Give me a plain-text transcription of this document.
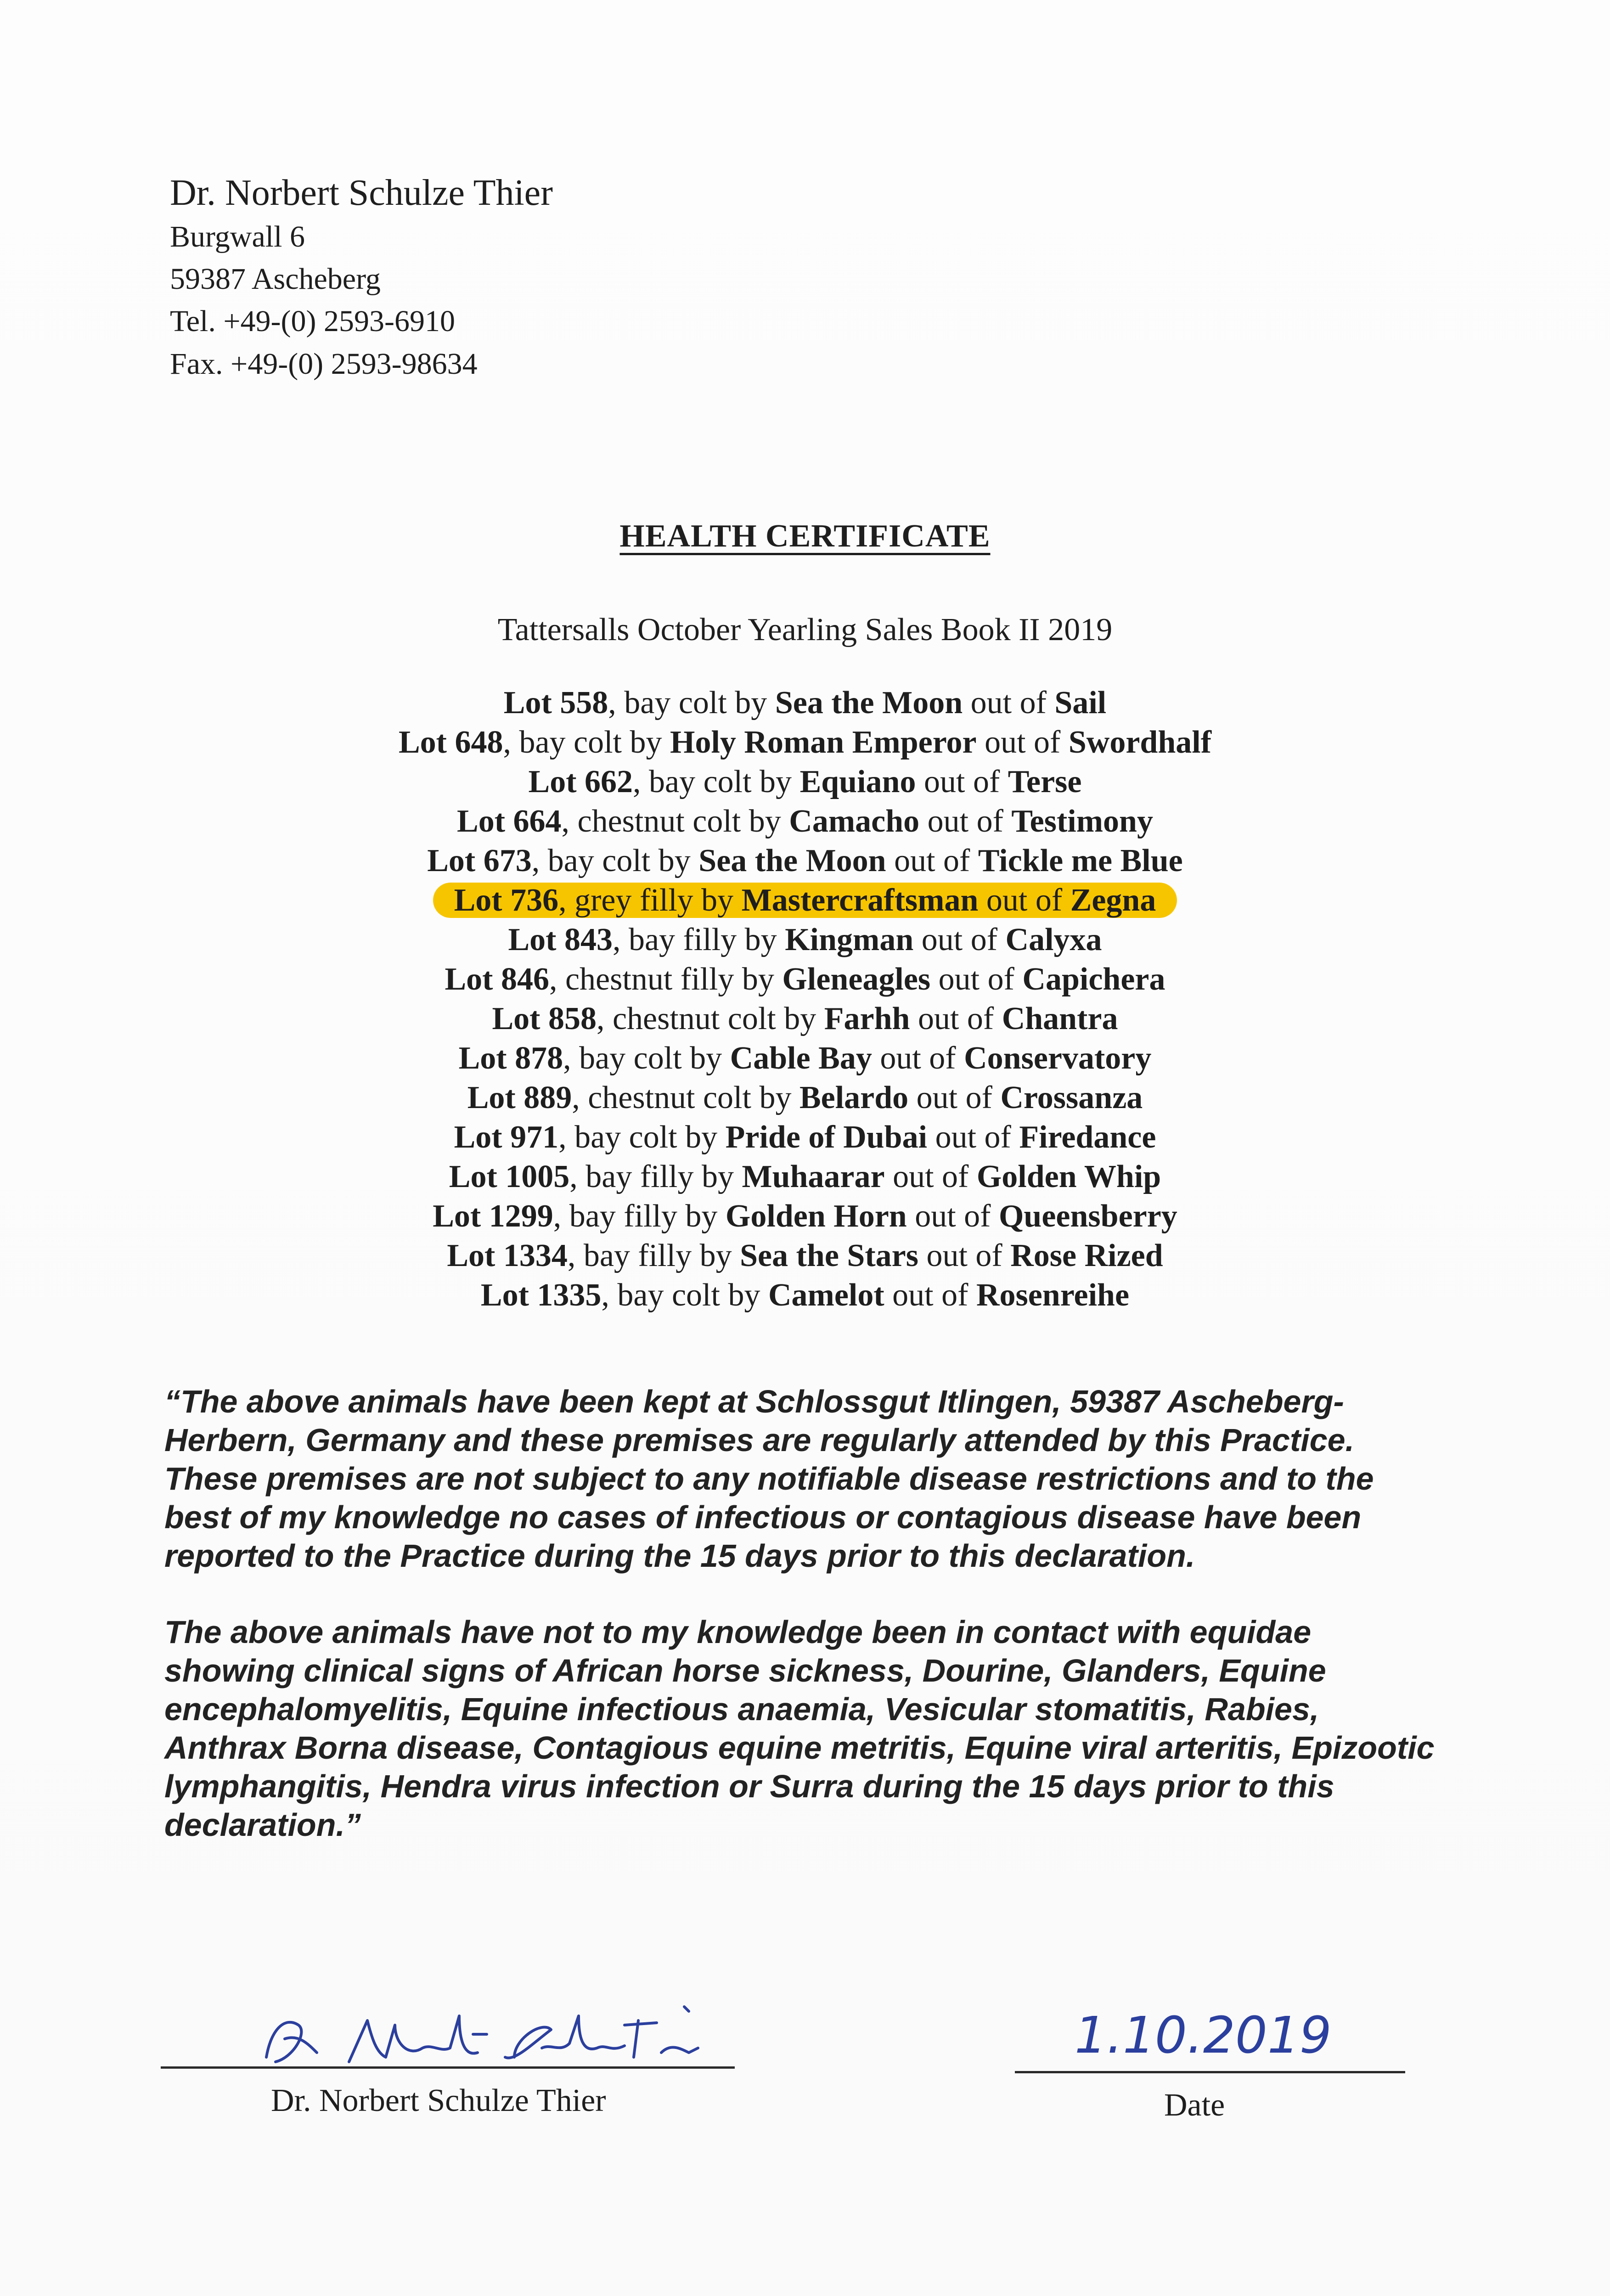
Dr. Norbert Schulze Thier
Burgwall 6
59387 Ascheberg
Tel. +49-(0) 2593-6910
Fax. +49-(0) 2593-98634
HEALTH CERTIFICATE
Tattersalls October Yearling Sales Book II 2019
Lot 558, bay colt by Sea the Moon out of Sail
Lot 648, bay colt by Holy Roman Emperor out of Swordhalf
Lot 662, bay colt by Equiano out of Terse
Lot 664, chestnut colt by Camacho out of Testimony
Lot 673, bay colt by Sea the Moon out of Tickle me Blue
Lot 736, grey filly by Mastercraftsman out of Zegna
Lot 843, bay filly by Kingman out of Calyxa
Lot 846, chestnut filly by Gleneagles out of Capichera
Lot 858, chestnut colt by Farhh out of Chantra
Lot 878, bay colt by Cable Bay out of Conservatory
Lot 889, chestnut colt by Belardo out of Crossanza
Lot 971, bay colt by Pride of Dubai out of Firedance
Lot 1005, bay filly by Muhaarar out of Golden Whip
Lot 1299, bay filly by Golden Horn out of Queensberry
Lot 1334, bay filly by Sea the Stars out of Rose Rized
Lot 1335, bay colt by Camelot out of Rosenreihe
“The above animals have been kept at Schlossgut Itlingen, 59387 Ascheberg-Herbern, Germany and these premises are regularly attended by this Practice. These premises are not subject to any notifiable disease restrictions and to the best of my knowledge no cases of infectious or contagious disease have been reported to the Practice during the 15 days prior to this declaration.
The above animals have not to my knowledge been in contact with equidae showing clinical signs of African horse sickness, Dourine, Glanders, Equine encephalomyelitis, Equine infectious anaemia, Vesicular stomatitis, Rabies, Anthrax Borna disease, Contagious equine metritis, Equine viral arteritis, Epizootic lymphangitis, Hendra virus infection or Surra during the 15 days prior to this declaration.”
Dr. Norbert Schulze Thier
1.10.2019
Date
